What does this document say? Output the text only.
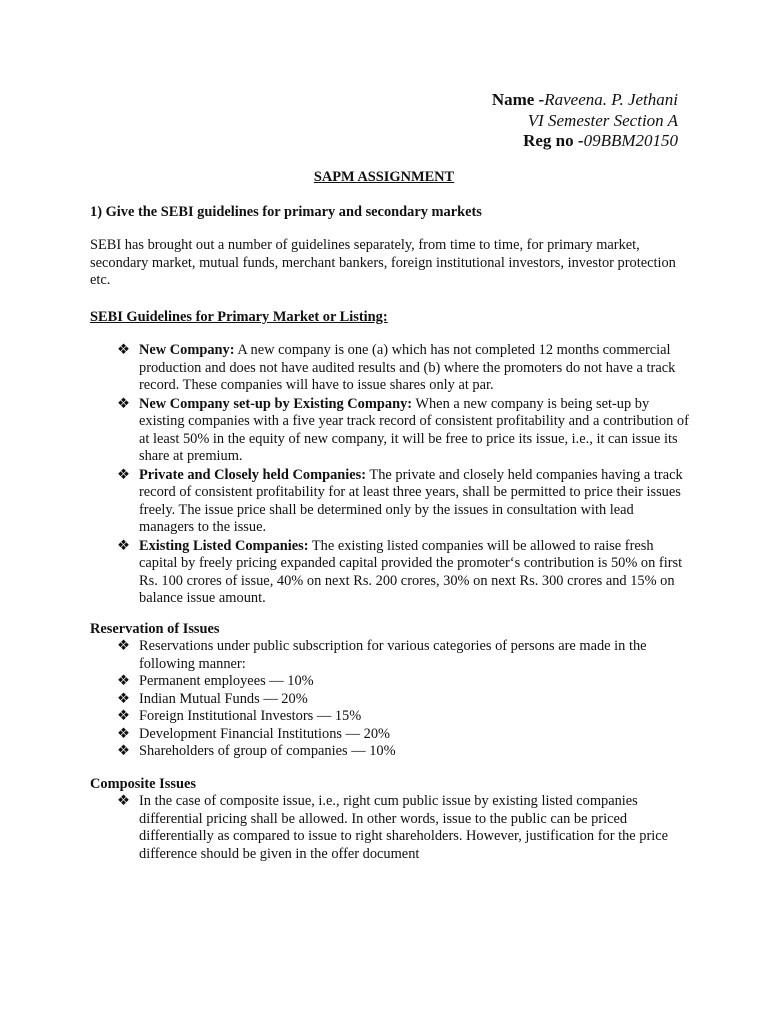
Name -Raveena. P. Jethani
VI Semester Section A
Reg no -09BBM20150
SAPM ASSIGNMENT
1) Give the SEBI guidelines for primary and secondary markets
SEBI has brought out a number of guidelines separately, from time to time, for primary market, secondary market, mutual funds, merchant bankers, foreign institutional investors, investor protection etc.
SEBI Guidelines for Primary Market or Listing:
❖ New Company: A new company is one (a) which has not completed 12 months commercial production and does not have audited results and (b) where the promoters do not have a track record. These companies will have to issue shares only at par.
❖ New Company set-up by Existing Company: When a new company is being set-up by existing companies with a five year track record of consistent profitability and a contribution of at least 50% in the equity of new company, it will be free to price its issue, i.e., it can issue its share at premium.
❖ Private and Closely held Companies: The private and closely held companies having a track record of consistent profitability for at least three years, shall be permitted to price their issues freely. The issue price shall be determined only by the issues in consultation with lead managers to the issue.
❖ Existing Listed Companies: The existing listed companies will be allowed to raise fresh capital by freely pricing expanded capital provided the promoter‘s contribution is 50% on first Rs. 100 crores of issue, 40% on next Rs. 200 crores, 30% on next Rs. 300 crores and 15% on balance issue amount.
Reservation of Issues
❖ Reservations under public subscription for various categories of persons are made in the following manner:
❖ Permanent employees — 10%
❖ Indian Mutual Funds — 20%
❖ Foreign Institutional Investors — 15%
❖ Development Financial Institutions — 20%
❖ Shareholders of group of companies — 10%
Composite Issues
❖ In the case of composite issue, i.e., right cum public issue by existing listed companies differential pricing shall be allowed. In other words, issue to the public can be priced differentially as compared to issue to right shareholders. However, justification for the price difference should be given in the offer document
